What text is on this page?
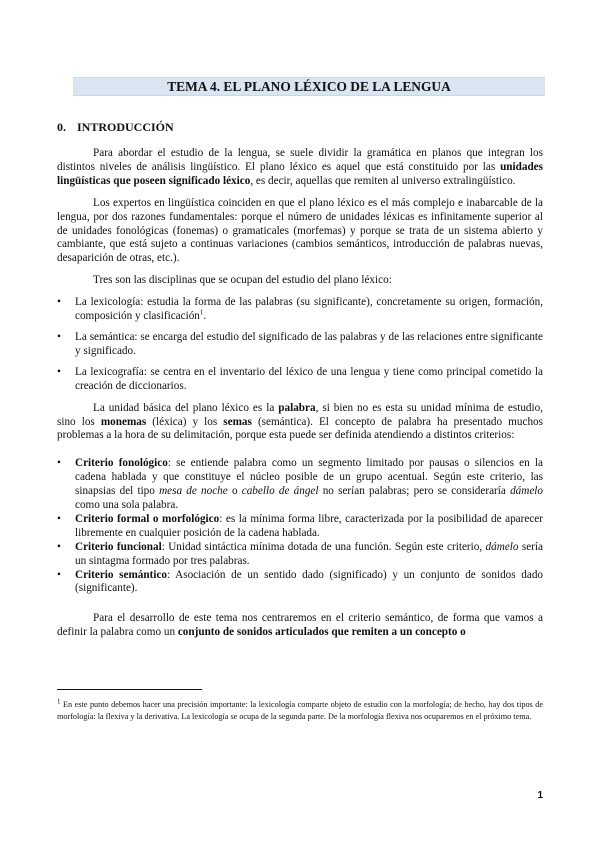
TEMA 4. EL PLANO LÉXICO DE LA LENGUA
0. INTRODUCCIÓN

Para abordar el estudio de la lengua, se suele dividir la gramática en planos que integran los distintos niveles de análisis lingüístico. El plano léxico es aquel que está constituido por las unidades lingüísticas que poseen significado léxico, es decir, aquellas que remiten al universo extralingüístico.

Los expertos en lingüística coinciden en que el plano léxico es el más complejo e inabarcable de la lengua, por dos razones fundamentales: porque el número de unidades léxicas es infinitamente superior al de unidades fonológicas (fonemas) o gramaticales (morfemas) y porque se trata de un sistema abierto y cambiante, que está sujeto a continuas variaciones (cambios semánticos, introducción de palabras nuevas, desaparición de otras, etc.).

Tres son las disciplinas que se ocupan del estudio del plano léxico:

• La lexicología: estudia la forma de las palabras (su significante), concretamente su origen, formación, composición y clasificación$^1$.
• La semántica: se encarga del estudio del significado de las palabras y de las relaciones entre significante y significado.
• La lexicografía: se centra en el inventario del léxico de una lengua y tiene como principal cometido la creación de diccionarios.

La unidad básica del plano léxico es la palabra, si bien no es esta su unidad mínima de estudio, sino los monemas (léxica) y los semas (semántica). El concepto de palabra ha presentado muchos problemas a la hora de su delimitación, porque esta puede ser definida atendiendo a distintos criterios:

• Criterio fonológico: se entiende palabra como un segmento limitado por pausas o silencios en la cadena hablada y que constituye el núcleo posible de un grupo acentual. Según este criterio, las sinapsias del tipo mesa de noche o cabello de ángel no serían palabras; pero se consideraría dámelo como una sola palabra.
• Criterio formal o morfológico: es la mínima forma libre, caracterizada por la posibilidad de aparecer libremente en cualquier posición de la cadena hablada.
• Criterio funcional: Unidad sintáctica mínima dotada de una función. Según este criterio, dámelo sería un sintagma formado por tres palabras.
• Criterio semántico: Asociación de un sentido dado (significado) y un conjunto de sonidos dado (significante).

Para el desarrollo de este tema nos centraremos en el criterio semántico, de forma que vamos a definir la palabra como un conjunto de sonidos articulados que remiten a un concepto o

$^1$ En este punto debemos hacer una precisión importante: la lexicología comparte objeto de estudio con la morfología; de hecho, hay dos tipos de morfología: la flexiva y la derivativa. La lexicología se ocupa de la segunda parte. De la morfología flexiva nos ocuparemos en el próximo tema.
1
